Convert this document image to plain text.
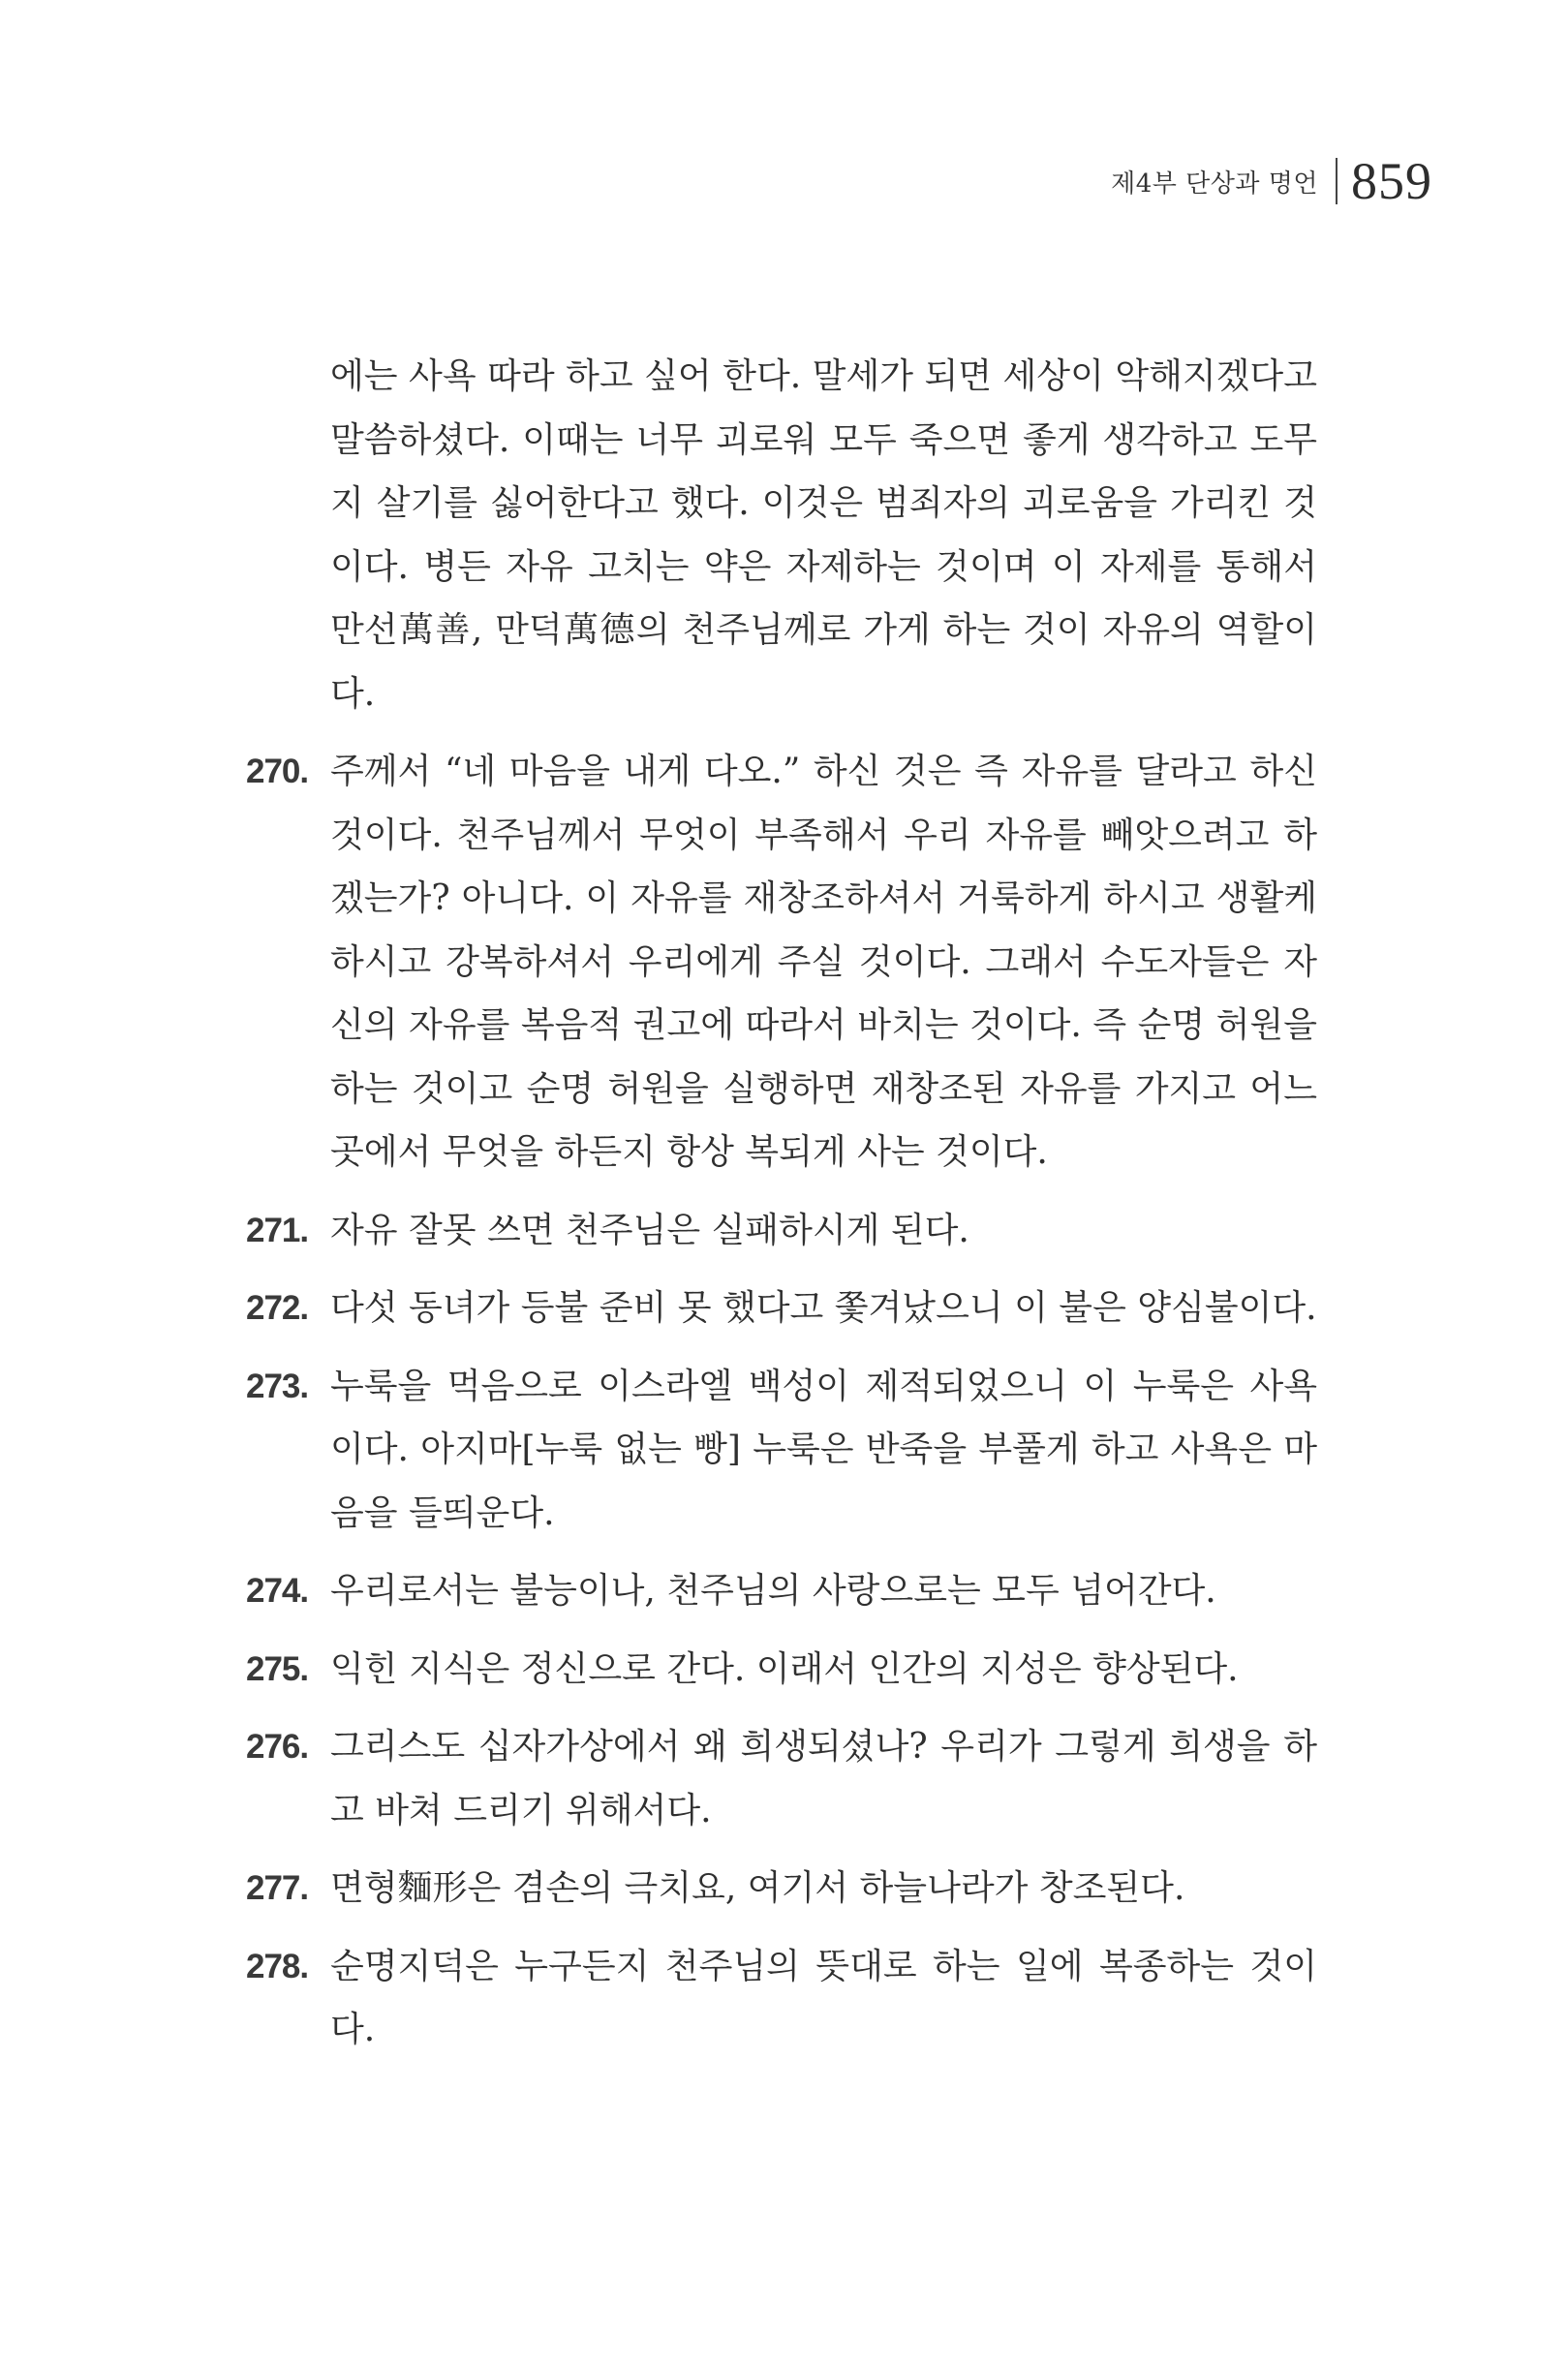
제4부 단상과 명언 859

에는 사욕 따라 하고 싶어 한다. 말세가 되면 세상이 악해지겠다고 말씀하셨다. 이때는 너무 괴로워 모두 죽으면 좋게 생각하고 도무지 살기를 싫어한다고 했다. 이것은 범죄자의 괴로움을 가리킨 것이다. 병든 자유 고치는 약은 자제하는 것이며 이 자제를 통해서 만선萬善, 만덕萬德의 천주님께로 가게 하는 것이 자유의 역할이다.

270. 주께서 “네 마음을 내게 다오.” 하신 것은 즉 자유를 달라고 하신 것이다. 천주님께서 무엇이 부족해서 우리 자유를 빼앗으려고 하겠는가? 아니다. 이 자유를 재창조하셔서 거룩하게 하시고 생활케 하시고 강복하셔서 우리에게 주실 것이다. 그래서 수도자들은 자신의 자유를 복음적 권고에 따라서 바치는 것이다. 즉 순명 허원을 하는 것이고 순명 허원을 실행하면 재창조된 자유를 가지고 어느 곳에서 무엇을 하든지 항상 복되게 사는 것이다.
271. 자유 잘못 쓰면 천주님은 실패하시게 된다.
272. 다섯 동녀가 등불 준비 못 했다고 쫓겨났으니 이 불은 양심불이다.
273. 누룩을 먹음으로 이스라엘 백성이 제적되었으니 이 누룩은 사욕이다. 아지마[누룩 없는 빵] 누룩은 반죽을 부풀게 하고 사욕은 마음을 들띄운다.
274. 우리로서는 불능이나, 천주님의 사랑으로는 모두 넘어간다.
275. 익힌 지식은 정신으로 간다. 이래서 인간의 지성은 향상된다.
276. 그리스도 십자가상에서 왜 희생되셨나? 우리가 그렇게 희생을 하고 바쳐 드리기 위해서다.
277. 면형麵形은 겸손의 극치요, 여기서 하늘나라가 창조된다.
278. 순명지덕은 누구든지 천주님의 뜻대로 하는 일에 복종하는 것이다.
